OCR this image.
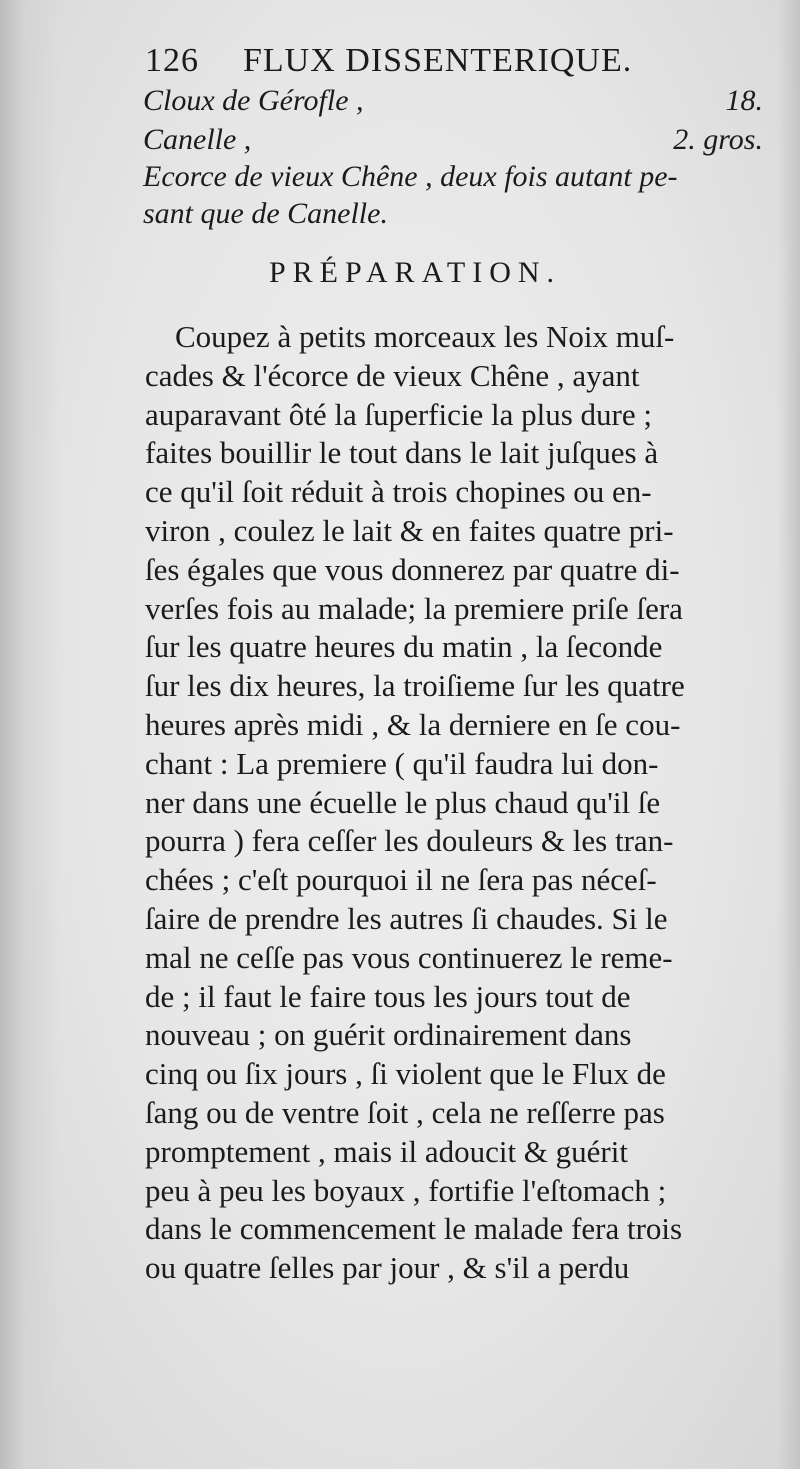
126 FLUX DISSENTERIQUE.
Cloux de Gérofle ,	18.
Canelle ,	2. gros.
Ecorce de vieux Chêne , deux fois autant pe-
sant que de Canelle.
PRÉPARATION.
Coupez à petits morceaux les Noix muſ-
cades & l'écorce de vieux Chêne , ayant
auparavant ôté la ſuperficie la plus dure ;
faites bouillir le tout dans le lait juſques à
ce qu'il ſoit réduit à trois chopines ou en-
viron , coulez le lait & en faites quatre pri-
ſes égales que vous donnerez par quatre di-
verſes fois au malade; la premiere priſe ſera
ſur les quatre heures du matin , la ſeconde
ſur les dix heures, la troiſieme ſur les quatre
heures après midi , & la derniere en ſe cou-
chant : La premiere ( qu'il faudra lui don-
ner dans une écuelle le plus chaud qu'il ſe
pourra ) fera ceſſer les douleurs & les tran-
chées ; c'eſt pourquoi il ne ſera pas néceſ-
ſaire de prendre les autres ſi chaudes. Si le
mal ne ceſſe pas vous continuerez le reme-
de ; il faut le faire tous les jours tout de
nouveau ; on guérit ordinairement dans
cinq ou ſix jours , ſi violent que le Flux de
ſang ou de ventre ſoit , cela ne reſſerre pas
promptement , mais il adoucit & guérit
peu à peu les boyaux , fortifie l'eſtomach ;
dans le commencement le malade fera trois
ou quatre ſelles par jour , & s'il a perdu
